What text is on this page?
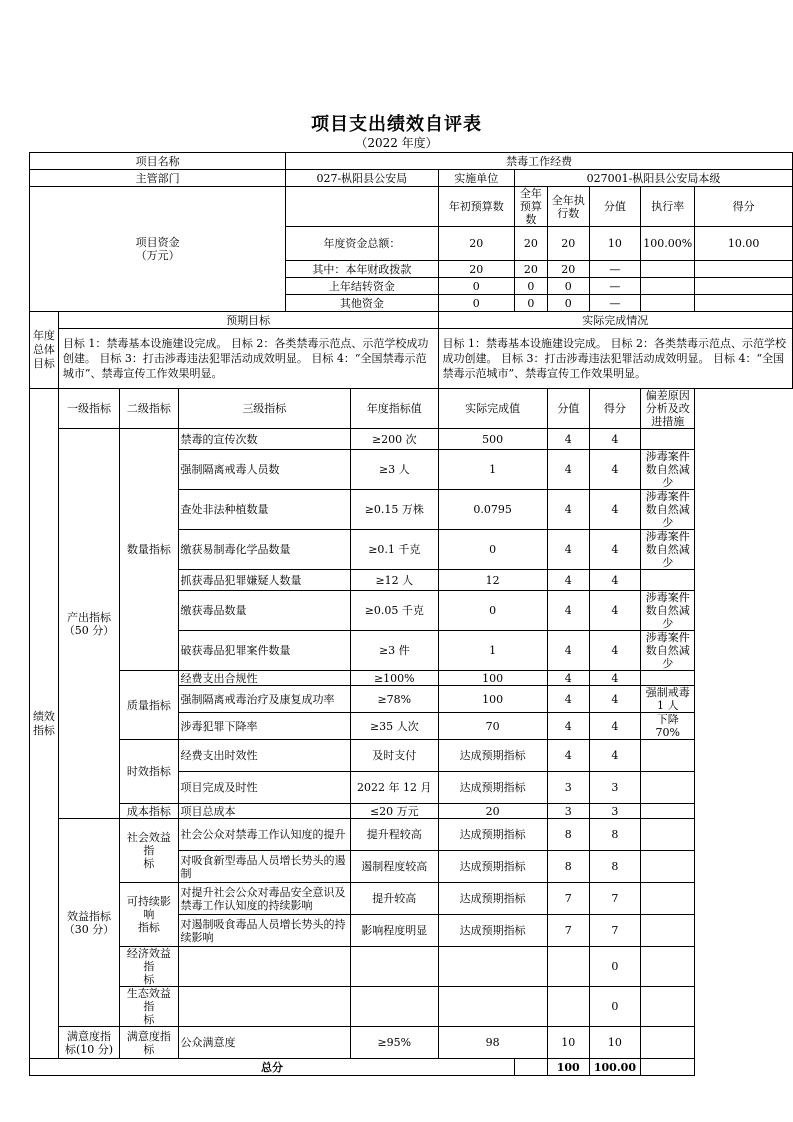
项目支出绩效自评表
（2022 年度）
项目名称				禁毒工作经费							
主管部门				027-枞阳县公安局		实施单位	027001-枞阳县公安局本级				
项目资金
（万元）						年初预算数	全年预算数	全年执行数	分值	执行率	得分
				年度资金总额：		20	20	20	10	100.00%	10.00
				其中：本年财政拨款		20	20	20	—		
				上年结转资金		0	0	0	—		
				其他资金		0	0	0	—		
年度总体目标	预期目标					实际完成情况					
	目标 1：禁毒基本设施建设完成。 目标 2：各类禁毒示范点、示范学校成功创建。 目标 3：打击涉毒违法犯罪活动成效明显。 目标 4：“全国禁毒示范城市”、禁毒宣传工作效果明显。					目标 1：禁毒基本设施建设完成。 目标 2：各类禁毒示范点、示范学校成功创建。 目标 3：打击涉毒违法犯罪活动成效明显。 目标 4：“全国禁毒示范城市”、禁毒宣传工作效果明显。					
绩效指标	一级指标	二级指标	三级指标		年度指标值	实际完成值		分值	得分	偏差原因分析及改进措施	
	产出指标
（50 分）	数量指标	禁毒的宣传次数		≥200 次	500		4	4		
			强制隔离戒毒人员数		≥3 人	1		4	4	涉毒案件数自然减少	
			查处非法种植数量		≥0.15 万株	0.0795		4	4	涉毒案件数自然减少	
			缴获易制毒化学品数量		≥0.1 千克	0		4	4	涉毒案件数自然减少	
			抓获毒品犯罪嫌疑人数量		≥12 人	12		4	4		
			缴获毒品数量		≥0.05 千克	0		4	4	涉毒案件数自然减少	
			破获毒品犯罪案件数量		≥3 件	1		4	4	涉毒案件数自然减少	
		质量指标	经费支出合规性		≥100%	100		4	4		
			强制隔离戒毒治疗及康复成功率		≥78%	100		4	4	强制戒毒 1 人	
			涉毒犯罪下降率		≥35 人次	70		4	4	下降 70%	
		时效指标	经费支出时效性		及时支付	达成预期指标		4	4		
			项目完成及时性		2022 年 12 月	达成预期指标		3	3		
		成本指标	项目总成本		≤20 万元	20		3	3		
	效益指标
（30 分）	社会效益指
标	社会公众对禁毒工作认知度的提升		提升程较高	达成预期指标		8	8		
			对吸食新型毒品人员增长势头的遏制		遏制程度较高	达成预期指标		8	8		
		可持续影响
指标	对提升社会公众对毒品安全意识及禁毒工作认知度的持续影响		提升较高	达成预期指标		7	7		
			对遏制吸食毒品人员增长势头的持续影响		影响程度明显	达成预期指标		7	7		
		经济效益指
标							0		
		生态效益指
标							0		
	满意度指
标(10 分)	满意度指标	公众满意度		≥95%	98		10	10		
总分								100	100.00		
